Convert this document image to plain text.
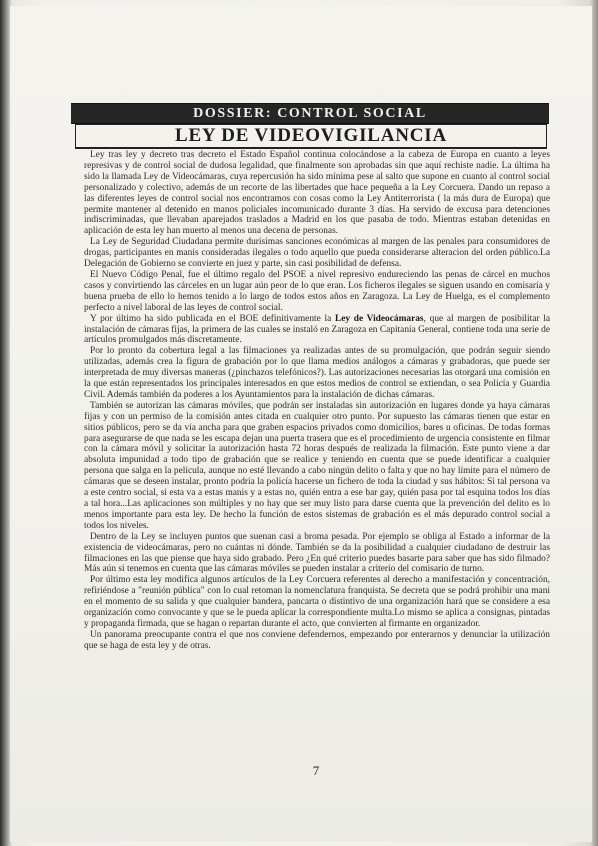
DOSSIER: CONTROL SOCIAL
LEY DE VIDEOVIGILANCIA

Ley tras ley y decreto tras decreto el Estado Español continua colocándose a la cabeza de Europa en cuanto a leyes represivas y de control social de dudosa legalidad, que finalmente son aprobadas sin que aquí rechiste nadie. La última ha sido la llamada Ley de Videocámaras, cuya repercusión ha sido mínima pese al salto que supone en cuanto al control social personalizado y colectivo, además de un recorte de las libertades que hace pequeña a la Ley Corcuera. Dando un repaso a las diferentes leyes de control social nos encontramos con cosas como la Ley Antiterrorista ( la más dura de Europa) que permite mantener al detenido en manos policiales incomunicado durante 3 días. Ha servido de excusa para detenciones indiscriminadas, que llevaban aparejados traslados a Madrid en los que pasaba de todo. Mientras estaban detenidas en aplicación de esta ley han muerto al menos una decena de personas.

La Ley de Seguridad Ciudadana permite durísimas sanciones económicas al margen de las penales para consumidores de drogas, participantes en manis consideradas ilegales o todo aquello que pueda considerarse alteracion del orden público.La Delegación de Gobierno se convierte en juez y parte, sin casi posibilidad de defensa.

El Nuevo Código Penal, fue el último regalo del PSOE a nivel represivo endureciendo las penas de cárcel en muchos casos y convirtiendo las cárceles en un lugar aún peor de lo que eran. Los ficheros ilegales se siguen usando en comisaría y buena prueba de ello lo hemos tenido a lo largo de todos estos años en Zaragoza. La Ley de Huelga, es el complemento perfecto a nivel laboral de las leyes de control social.

Y por último ha sido publicada en el BOE definitivamente la Ley de Videocámaras, que al margen de posibilitar la instalación de cámaras fijas, la primera de las cuales se instaló en Zaragoza en Capitanía General, contiene toda una serie de artículos promulgados más discretamente.

Por lo pronto da cobertura legal a las filmaciones ya realizadas antes de su promulgación, que podrán seguir siendo utilizadas, además crea la figura de grabación por lo que llama medios análogos a cámaras y grabadoras, que puede ser interpretada de muy diversas maneras (¿pinchazos telefónicos?). Las autorizaciones necesarias las otorgará una comisión en la que están representados los principales interesados en que estos medios de control se extiendan, o sea Policía y Guardia Civil. Además también da poderes a los Ayuntamientos para la instalación de dichas cámaras.

También se autorizan las cámaras móviles, que podrán ser instaladas sin autorización en lugares donde ya haya cámaras fijas y con un permiso de la comisión antes citada en cualquier otro punto. Por supuesto las cámaras tienen que estar en sitios públicos, pero se da vía ancha para que graben espacios privados como domicilios, bares u oficinas. De todas formas para asegurarse de que nada se les escapa dejan una puerta trasera que es el procedimiento de urgencia consistente en filmar con la cámara móvil y solicitar la autorización hasta 72 horas después de realizada la filmación. Este punto viene a dar absoluta impunidad a todo tipo de grabación que se realice y teniendo en cuenta que se puede identificar a cualquier persona que salga en la película, aunque no esté llevando a cabo ningún delito o falta y que no hay límite para el número de cámaras que se deseen instalar, pronto podría la policía hacerse un fichero de toda la ciudad y sus hábitos: Si tal persona va a este centro social, si esta va a estas manis y a estas no, quién entra a ese bar gay, quién pasa por tal esquina todos los días a tal hora...Las aplicaciones son múltiples y no hay que ser muy listo para darse cuenta que la prevención del delito es lo menos importante para esta ley. De hecho la función de estos sistemas de grabación es el más depurado control social a todos los niveles.

Dentro de la Ley se incluyen puntos que suenan casi a broma pesada. Por ejemplo se obliga al Estado a informar de la existencia de videocámaras, pero no cuántas ni dónde. También se da la posibilidad a cualquier ciudadano de destruir las filmaciones en las que piense que haya sido grabado. Pero ¿En qué criterio puedes basarte para saber que has sido filmado? Más aún si tenemos en cuenta que las cámaras móviles se pueden instalar a criterio del comisario de turno.

Por último esta ley modifica algunos artículos de la Ley Corcuera referentes al derecho a manifestación y concentración, refiriéndose a "reunión pública" con lo cual retoman la nomenclatura franquista. Se decreta que se podrá prohibir una mani en el momento de su salida y que cualquier bandera, pancarta o distintivo de una organización hará que se considere a esa organización como convocante y que se le pueda aplicar la correspondiente multa.Lo mismo se aplica a consignas, pintadas y propaganda firmada, que se hagan o repartan durante el acto, que convierten al firmante en organizador.

Un panorama preocupante contra el que nos conviene defendernos, empezando por enterarnos y denunciar la utilización que se haga de esta ley y de otras.

7
